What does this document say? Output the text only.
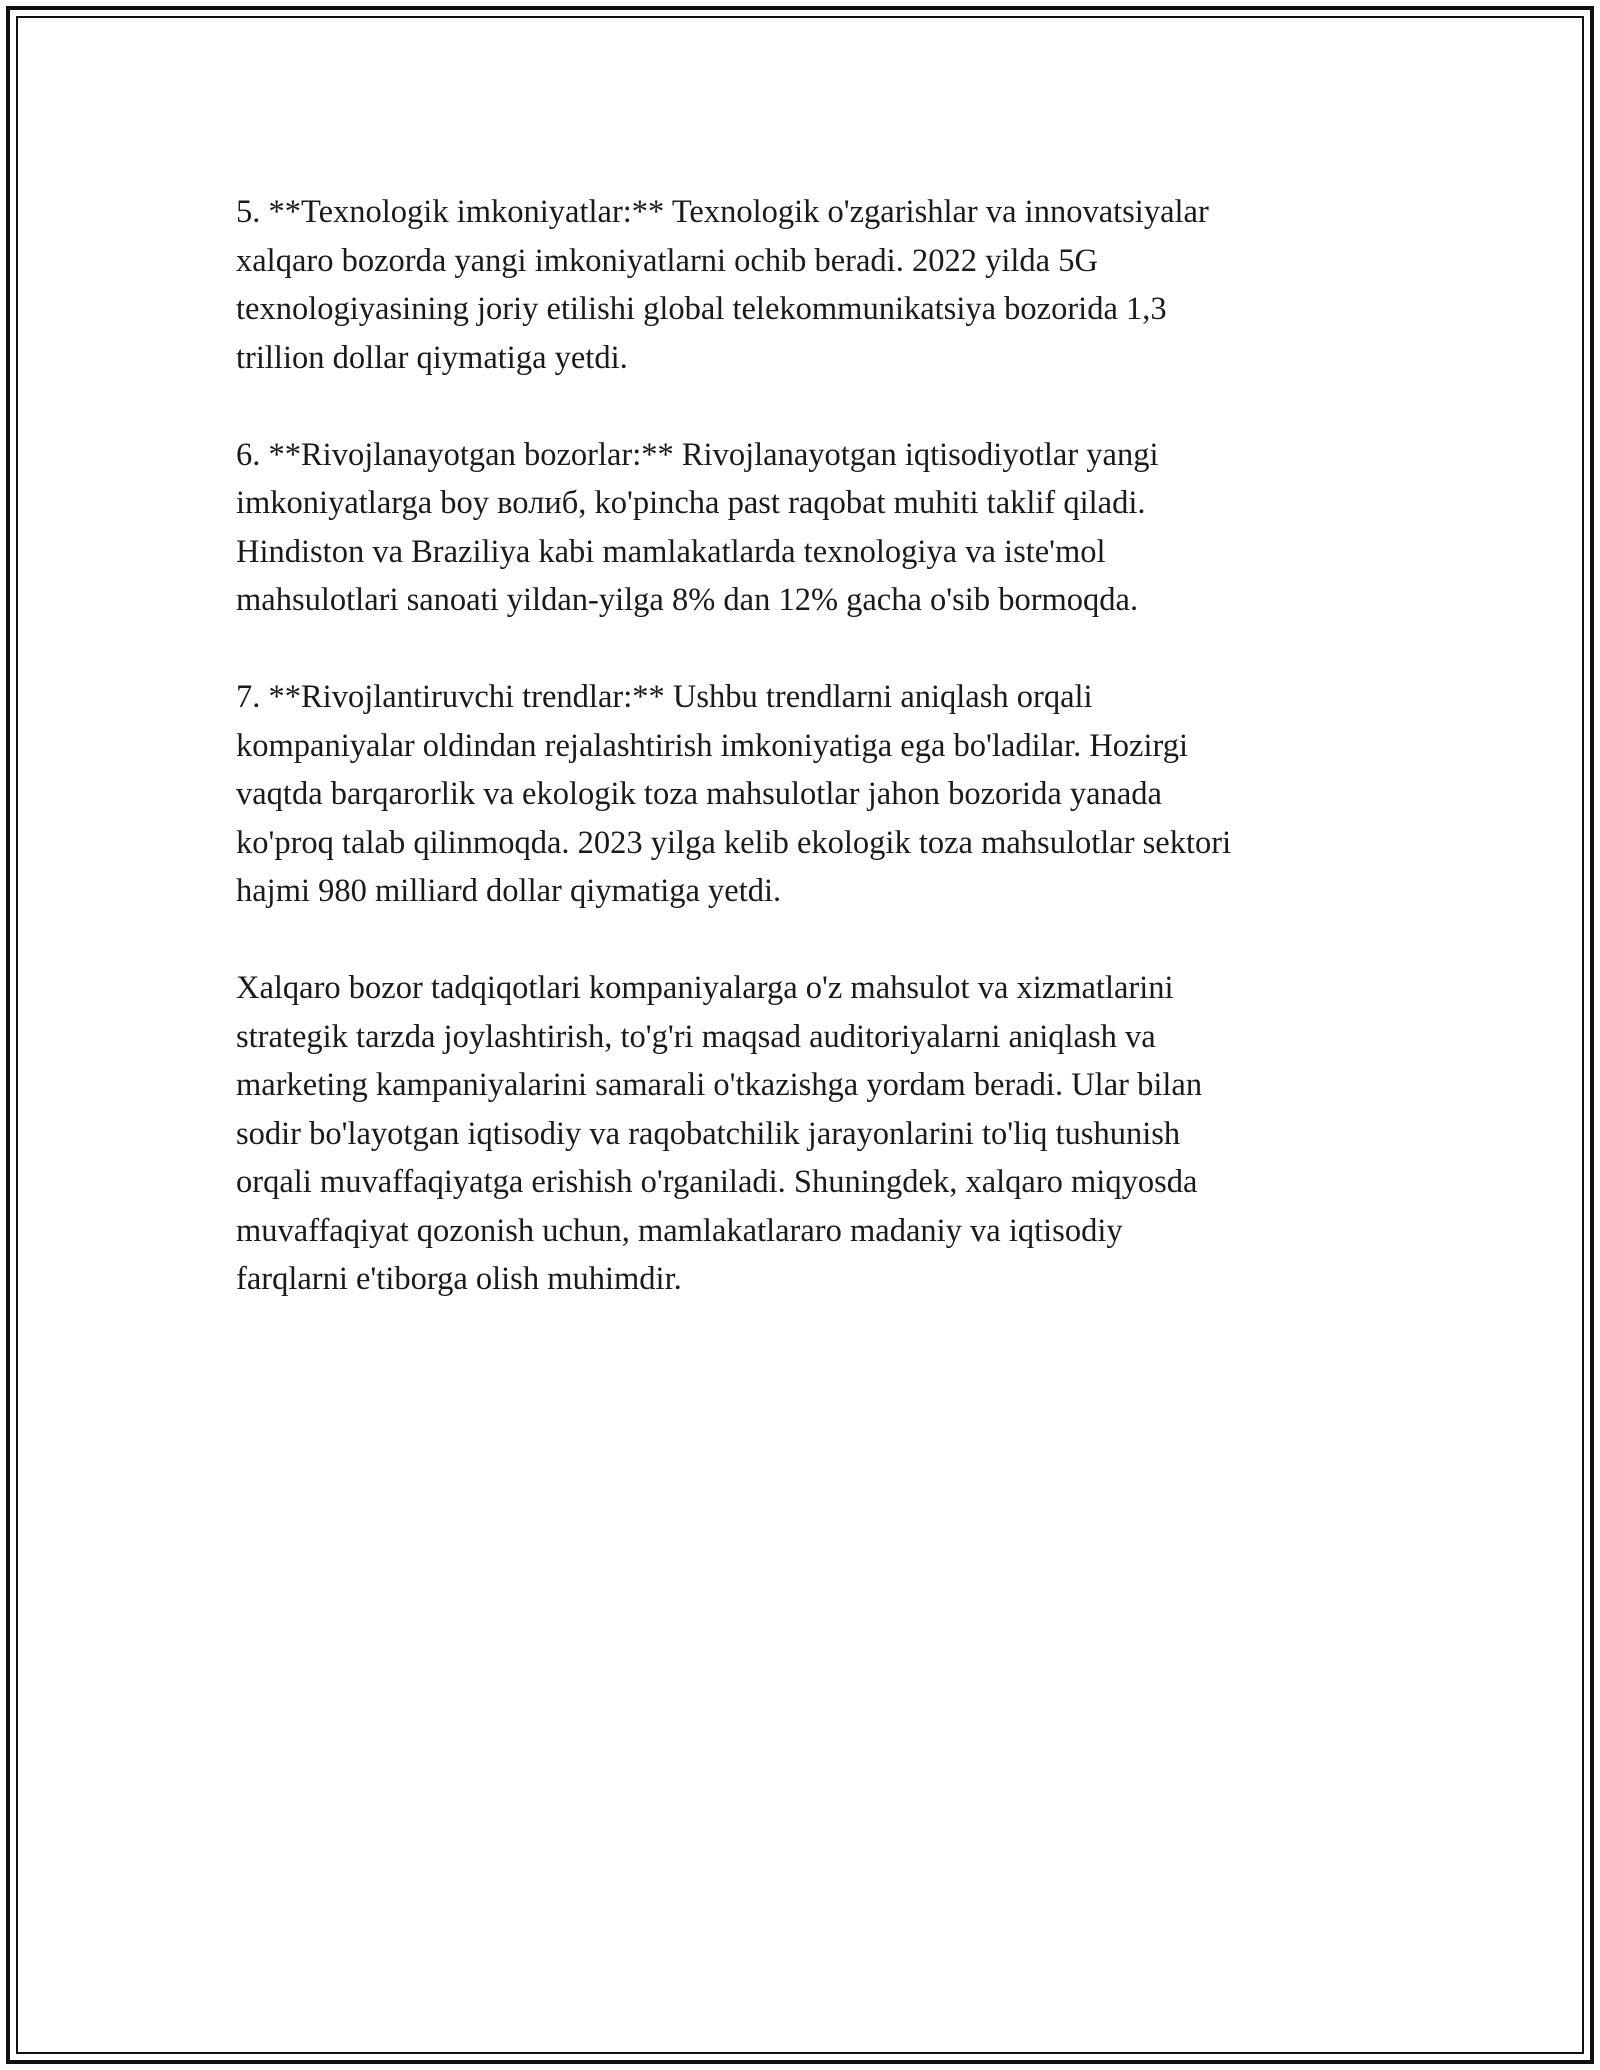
5. **Texnologik imkoniyatlar:** Texnologik o'zgarishlar va innovatsiyalar
xalqaro bozorda yangi imkoniyatlarni ochib beradi. 2022 yilda 5G
texnologiyasining joriy etilishi global telekommunikatsiya bozorida 1,3
trillion dollar qiymatiga yetdi.

6. **Rivojlanayotgan bozorlar:** Rivojlanayotgan iqtisodiyotlar yangi
imkoniyatlarga boy волиб, ko'pincha past raqobat muhiti taklif qiladi.
Hindiston va Braziliya kabi mamlakatlarda texnologiya va iste'mol
mahsulotlari sanoati yildan-yilga 8% dan 12% gacha o'sib bormoqda.

7. **Rivojlantiruvchi trendlar:** Ushbu trendlarni aniqlash orqali
kompaniyalar oldindan rejalashtirish imkoniyatiga ega bo'ladilar. Hozirgi
vaqtda barqarorlik va ekologik toza mahsulotlar jahon bozorida yanada
ko'proq talab qilinmoqda. 2023 yilga kelib ekologik toza mahsulotlar sektori
hajmi 980 milliard dollar qiymatiga yetdi.

Xalqaro bozor tadqiqotlari kompaniyalarga o'z mahsulot va xizmatlarini
strategik tarzda joylashtirish, to'g'ri maqsad auditoriyalarni aniqlash va
marketing kampaniyalarini samarali o'tkazishga yordam beradi. Ular bilan
sodir bo'layotgan iqtisodiy va raqobatchilik jarayonlarini to'liq tushunish
orqali muvaffaqiyatga erishish o'rganiladi. Shuningdek, xalqaro miqyosda
muvaffaqiyat qozonish uchun, mamlakatlararo madaniy va iqtisodiy
farqlarni e'tiborga olish muhimdir.
